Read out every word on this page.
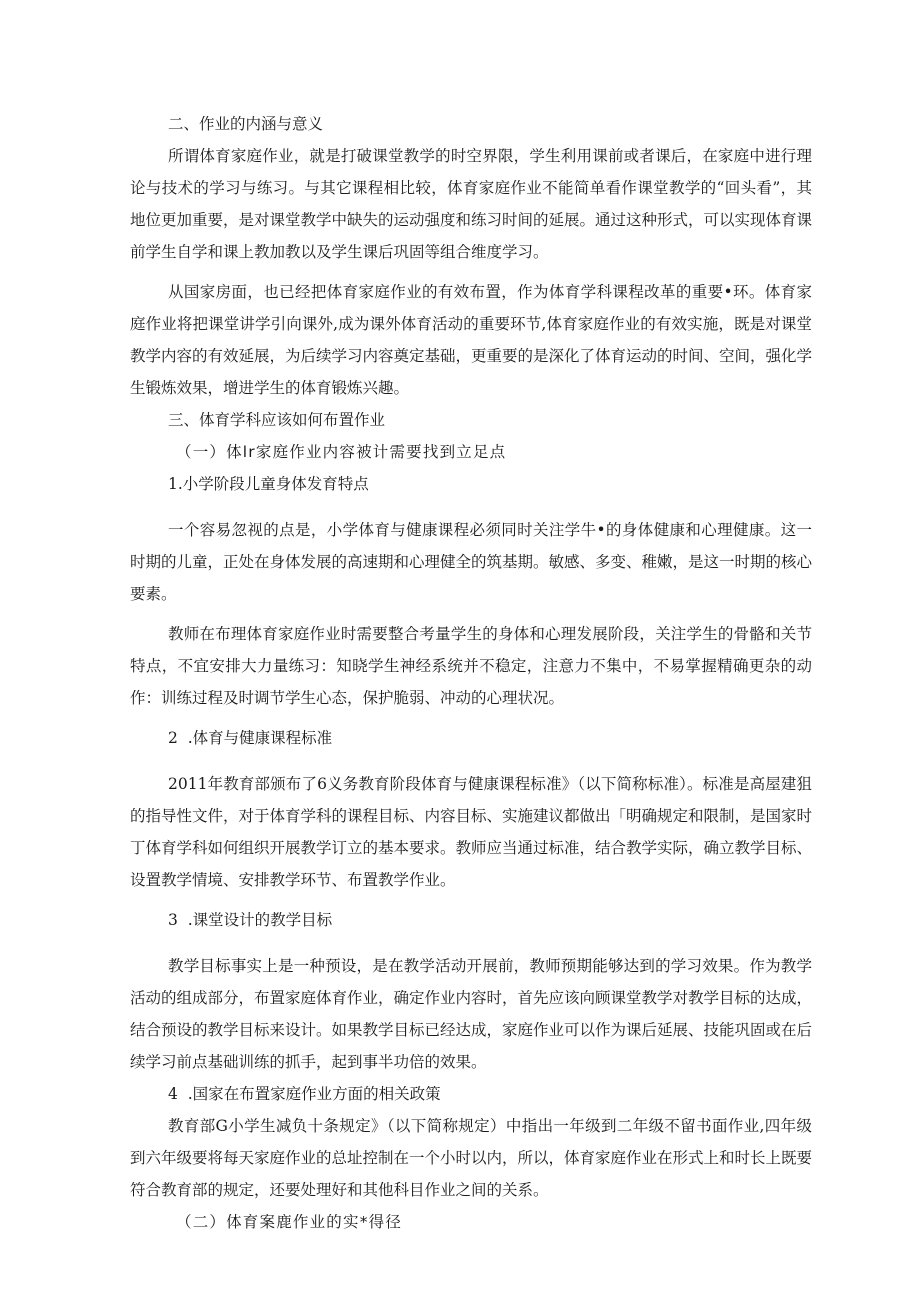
二、作业的内涵与意义

所谓体育家庭作业，就是打破课堂教学的时空界限，学生利用课前或者课后，在家庭中进行理论与技术的学习与练习。与其它课程相比较，体育家庭作业不能简单看作课堂教学的“回头看”，其地位更加重要，是对课堂教学中缺失的运动强度和练习时间的延展。通过这种形式，可以实现体育课前学生自学和课上教加教以及学生课后巩固等组合维度学习。

从国家房面，也已经把体育家庭作业的有效布置，作为体育学科课程改革的重要•环。体育家庭作业将把课堂讲学引向课外,成为课外体育活动的重要环节,体育家庭作业的有效实施，既是对课堂教学内容的有效延展，为后续学习内容奠定基础，更重要的是深化了体育运动的时间、空间，强化学生锻炼效果，增进学生的体育锻炼兴趣。

三、体育学科应该如何布置作业

（一）体lr家庭作业内容被计需要找到立足点

1.小学阶段儿童身体发育特点

一个容易忽视的点是，小学体育与健康课程必须同时关注学牛•的身体健康和心理健康。这一时期的儿童，正处在身体发展的高速期和心理健全的筑基期。敏感、多变、稚嫩，是这一时期的核心要素。

教师在布理体育家庭作业时需要整合考量学生的身体和心理发展阶段，关注学生的骨骼和关节特点，不宜安排大力量练习：知晓学生神经系统并不稳定，注意力不集中，不易掌握精确更杂的动作：训练过程及时调节学生心态，保护脆弱、冲动的心理状况。

2  .体育与健康课程标准

2011年教育部颁布了6义务教育阶段体育与健康课程标准》（以下简称标准）。标准是高屋建狙的指导性文件，对于体育学科的课程目标、内容目标、实施建议都做出「明确规定和限制，是国家时丁体育学科如何组织开展教学订立的基本要求。教师应当通过标准，结合教学实际，确立教学目标、设置教学情境、安排教学环节、布置教学作业。

3  .课堂设计的教学目标

教学目标事实上是一种预设，是在教学活动开展前，教师预期能够达到的学习效果。作为教学活动的组成部分，布置家庭体育作业，确定作业内容时，首先应该向顾课堂教学对教学目标的达成，结合预设的教学目标来设计。如果教学目标已经达成，家庭作业可以作为课后延展、技能巩固或在后续学习前点基础训练的抓手，起到事半功倍的效果。

4  .国家在布置家庭作业方面的相关政策

教育部G小学生减负十条规定》（以下简称规定）中指出一年级到二年级不留书面作业,四年级到六年级要将每天家庭作业的总址控制在一个小时以内，所以，体育家庭作业在形式上和时长上既要符合教育部的规定，还要处理好和其他科目作业之间的关系。

（二）体育案鹿作业的实*得径
